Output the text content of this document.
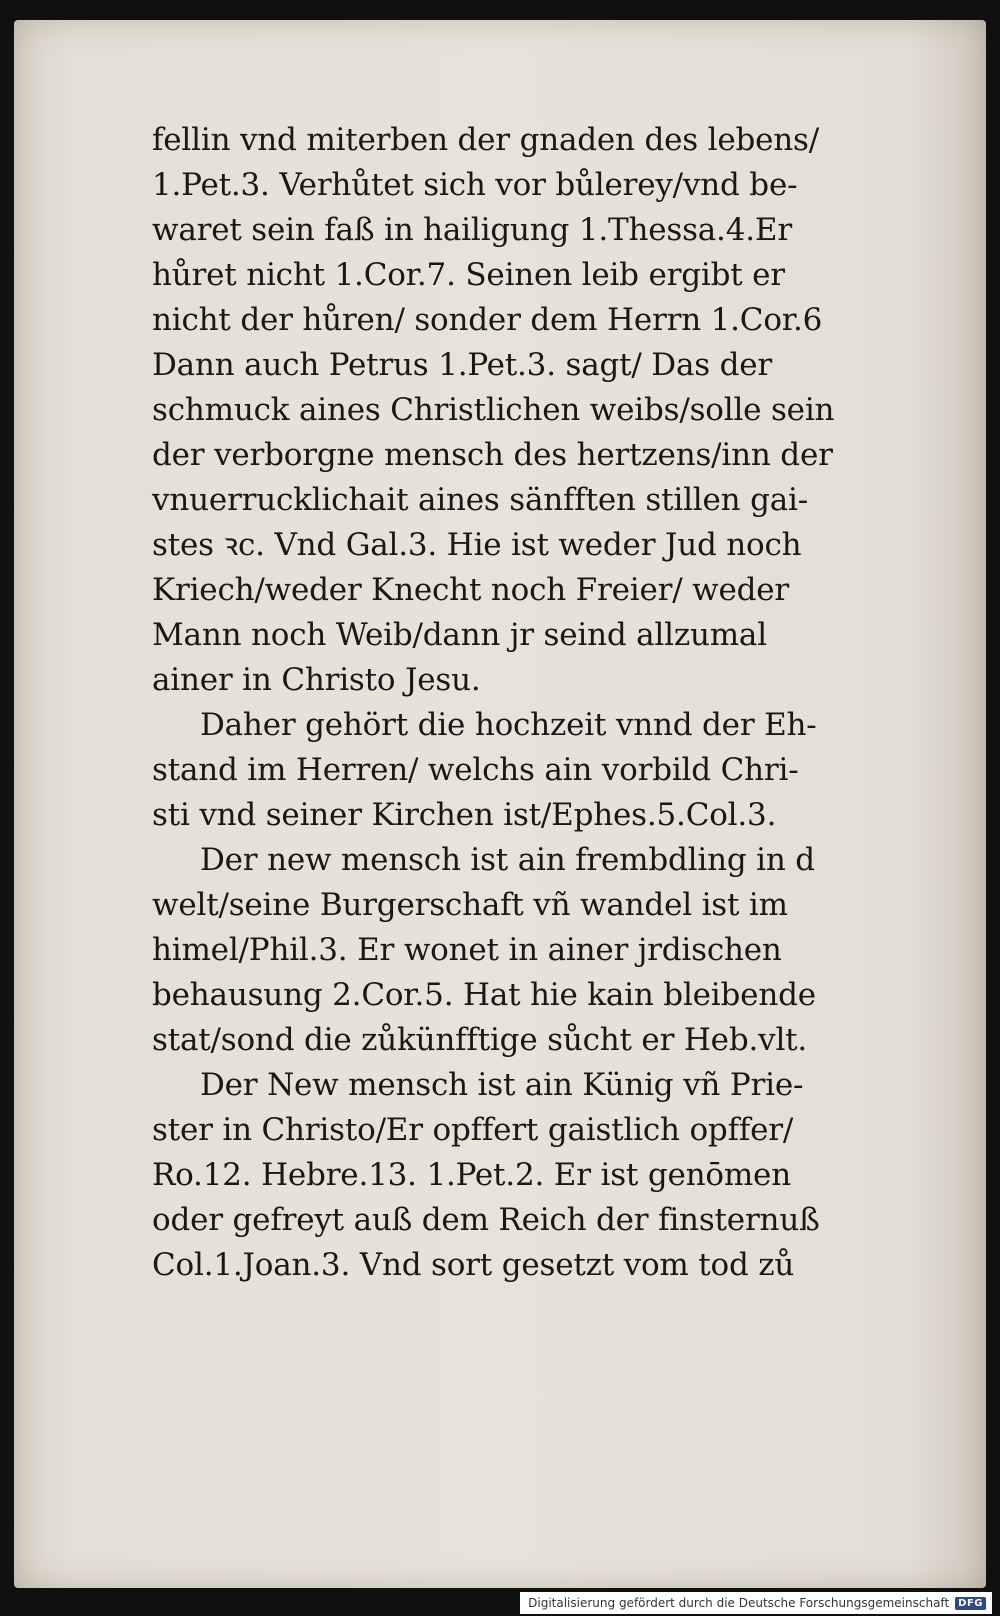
fellin vnd miterben der gnaden des lebens/
1.Pet.3. Verhůtet sich vor bůlerey/vnd be-
waret sein faß in hailigung 1.Thessa.4.Er
hůret nicht 1.Cor.7. Seinen leib ergibt er
nicht der hůren/ sonder dem Herrn 1.Cor.6
Dann auch Petrus 1.Pet.3. sagt/ Das der
schmuck aines Christlichen weibs/solle sein
der verborgne mensch des hertzens/inn der
vnuerrucklichait aines sänfften stillen gai-
stes ꝛc. Vnd Gal.3. Hie ist weder Jud noch
Kriech/weder Knecht noch Freier/ weder
Mann noch Weib/dann jr seind allzumal
ainer in Christo Jesu.
Daher gehört die hochzeit vnnd der Eh-
stand im Herren/ welchs ain vorbild Chri-
sti vnd seiner Kirchen ist/Ephes.5.Col.3.
Der new mensch ist ain frembdling in d
welt/seine Burgerschaft vñ wandel ist im
himel/Phil.3. Er wonet in ainer jrdischen
behausung 2.Cor.5. Hat hie kain bleibende
stat/sond die zůkünfftige sůcht er Heb.vlt.
Der New mensch ist ain Künig vñ Prie-
ster in Christo/Er opffert gaistlich opffer/
Ro.12. Hebre.13. 1.Pet.2. Er ist genōmen
oder gefreyt auß dem Reich der finsternuß
Col.1.Joan.3. Vnd sort gesetzt vom tod zů
Digitalisierung gefördert durch die Deutsche Forschungsgemeinschaft DFG
